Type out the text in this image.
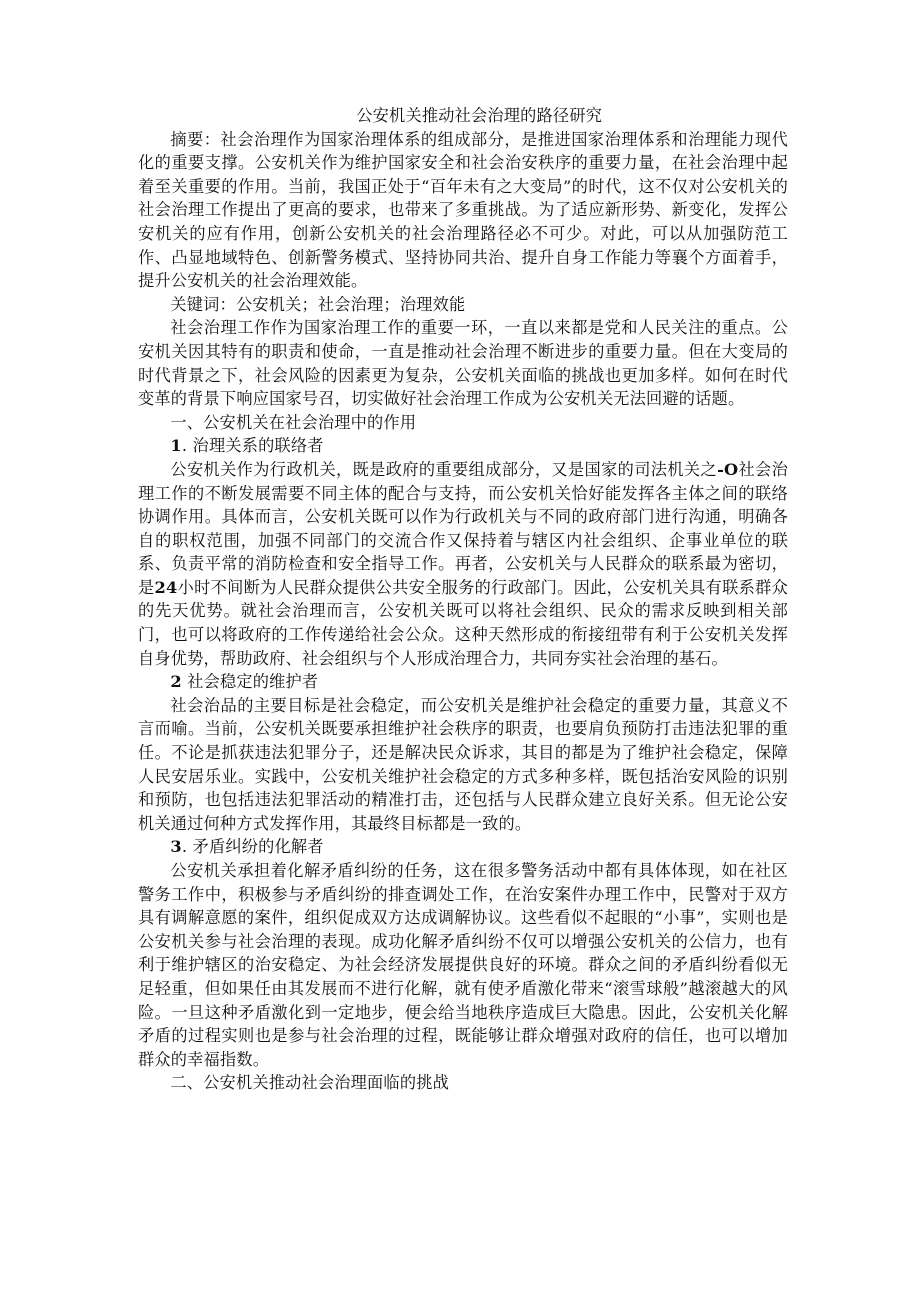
公安机关推动社会治理的路径研究

摘要：社会治理作为国家治理体系的组成部分，是推进国家治理体系和治理能力现代化的重要支撑。公安机关作为维护国家安全和社会治安秩序的重要力量，在社会治理中起着至关重要的作用。当前，我国正处于“百年未有之大变局”的时代，这不仅对公安机关的社会治理工作提出了更高的要求，也带来了多重挑战。为了适应新形势、新变化，发挥公安机关的应有作用，创新公安机关的社会治理路径必不可少。对此，可以从加强防范工作、凸显地域特色、创新警务模式、坚持协同共治、提升自身工作能力等襄个方面着手，提升公安机关的社会治理效能。

关键词：公安机关；社会治理；治理效能

社会治理工作作为国家治理工作的重要一环，一直以来都是党和人民关注的重点。公安机关因其特有的职责和使命，一直是推动社会治理不断进步的重要力量。但在大变局的时代背景之下，社会风险的因素更为复杂，公安机关面临的挑战也更加多样。如何在时代变革的背景下响应国家号召，切实做好社会治理工作成为公安机关无法回避的话题。

一、公安机关在社会治理中的作用

1. 治理关系的联络者

公安机关作为行政机关，既是政府的重要组成部分，又是国家的司法机关之-O社会治理工作的不断发展需要不同主体的配合与支持，而公安机关恰好能发挥各主体之间的联络协调作用。具体而言，公安机关既可以作为行政机关与不同的政府部门进行沟通，明确各自的职权范围，加强不同部门的交流合作又保持着与辖区内社会组织、企事业单位的联系、负责平常的消防检查和安全指导工作。再者，公安机关与人民群众的联系最为密切，是24小时不间断为人民群众提供公共安全服务的行政部门。因此，公安机关具有联系群众的先天优势。就社会治理而言，公安机关既可以将社会组织、民众的需求反映到相关部门，也可以将政府的工作传递给社会公众。这种天然形成的衔接纽带有利于公安机关发挥自身优势，帮助政府、社会组织与个人形成治理合力，共同夯实社会治理的基石。

2 社会稳定的维护者

社会治品的主要目标是社会稳定，而公安机关是维护社会稳定的重要力量，其意义不言而喻。当前，公安机关既要承担维护社会秩序的职责，也要肩负预防打击违法犯罪的重任。不论是抓获违法犯罪分子，还是解决民众诉求，其目的都是为了维护社会稳定，保障人民安居乐业。实践中，公安机关维护社会稳定的方式多种多样，既包括治安风险的识别和预防，也包括违法犯罪活动的精准打击，还包括与人民群众建立良好关系。但无论公安机关通过何种方式发挥作用，其最终目标都是一致的。

3. 矛盾纠纷的化解者

公安机关承担着化解矛盾纠纷的任务，这在很多警务活动中都有具体体现，如在社区警务工作中，积极参与矛盾纠纷的排查调处工作，在治安案件办理工作中，民警对于双方具有调解意愿的案件，组织促成双方达成调解协议。这些看似不起眼的“小事”，实则也是公安机关参与社会治理的表现。成功化解矛盾纠纷不仅可以增强公安机关的公信力，也有利于维护辖区的治安稳定、为社会经济发展提供良好的环境。群众之间的矛盾纠纷看似无足轻重，但如果任由其发展而不进行化解，就有使矛盾激化带来“滚雪球般”越滚越大的风险。一旦这种矛盾激化到一定地步，便会给当地秩序造成巨大隐患。因此，公安机关化解矛盾的过程实则也是参与社会治理的过程，既能够让群众增强对政府的信任，也可以增加群众的幸福指数。

二、公安机关推动社会治理面临的挑战
